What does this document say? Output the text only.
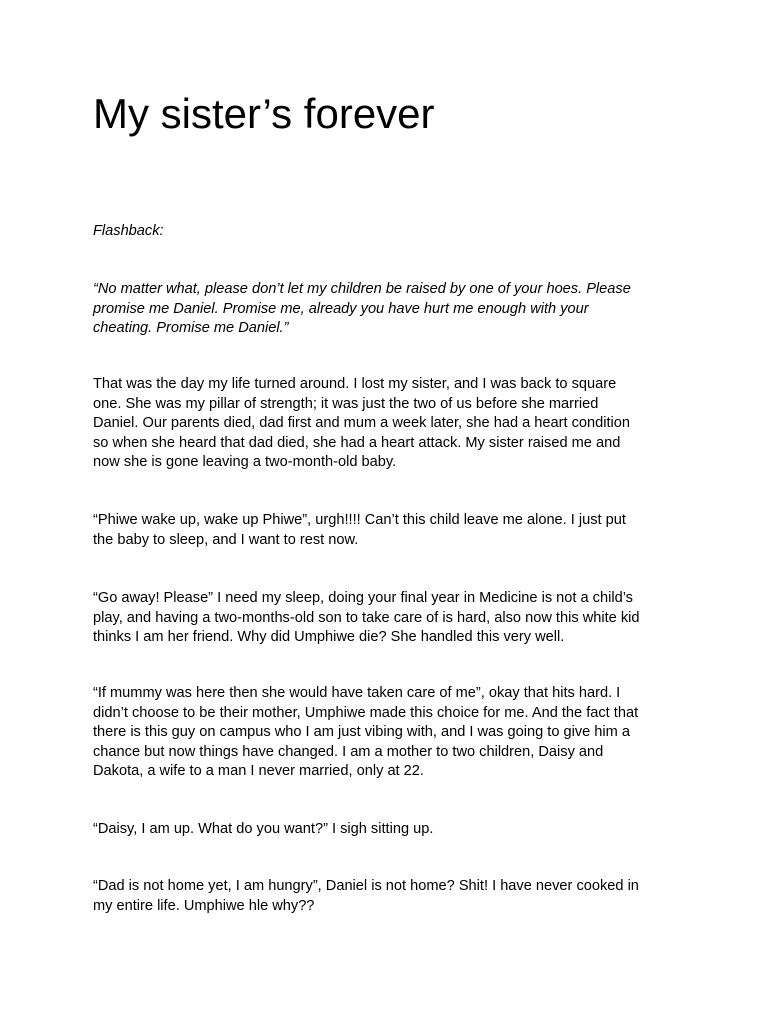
My sister’s forever

Flashback:

“No matter what, please don’t let my children be raised by one of your hoes. Please
promise me Daniel. Promise me, already you have hurt me enough with your
cheating. Promise me Daniel.”

That was the day my life turned around. I lost my sister, and I was back to square
one. She was my pillar of strength; it was just the two of us before she married
Daniel. Our parents died, dad first and mum a week later, she had a heart condition
so when she heard that dad died, she had a heart attack. My sister raised me and
now she is gone leaving a two-month-old baby.

“Phiwe wake up, wake up Phiwe”, urgh!!!! Can’t this child leave me alone. I just put
the baby to sleep, and I want to rest now.

“Go away! Please” I need my sleep, doing your final year in Medicine is not a child’s
play, and having a two-months-old son to take care of is hard, also now this white kid
thinks I am her friend. Why did Umphiwe die? She handled this very well.

“If mummy was here then she would have taken care of me”, okay that hits hard. I
didn’t choose to be their mother, Umphiwe made this choice for me. And the fact that
there is this guy on campus who I am just vibing with, and I was going to give him a
chance but now things have changed. I am a mother to two children, Daisy and
Dakota, a wife to a man I never married, only at 22.

“Daisy, I am up. What do you want?” I sigh sitting up.

“Dad is not home yet, I am hungry”, Daniel is not home? Shit! I have never cooked in
my entire life. Umphiwe hle why??
